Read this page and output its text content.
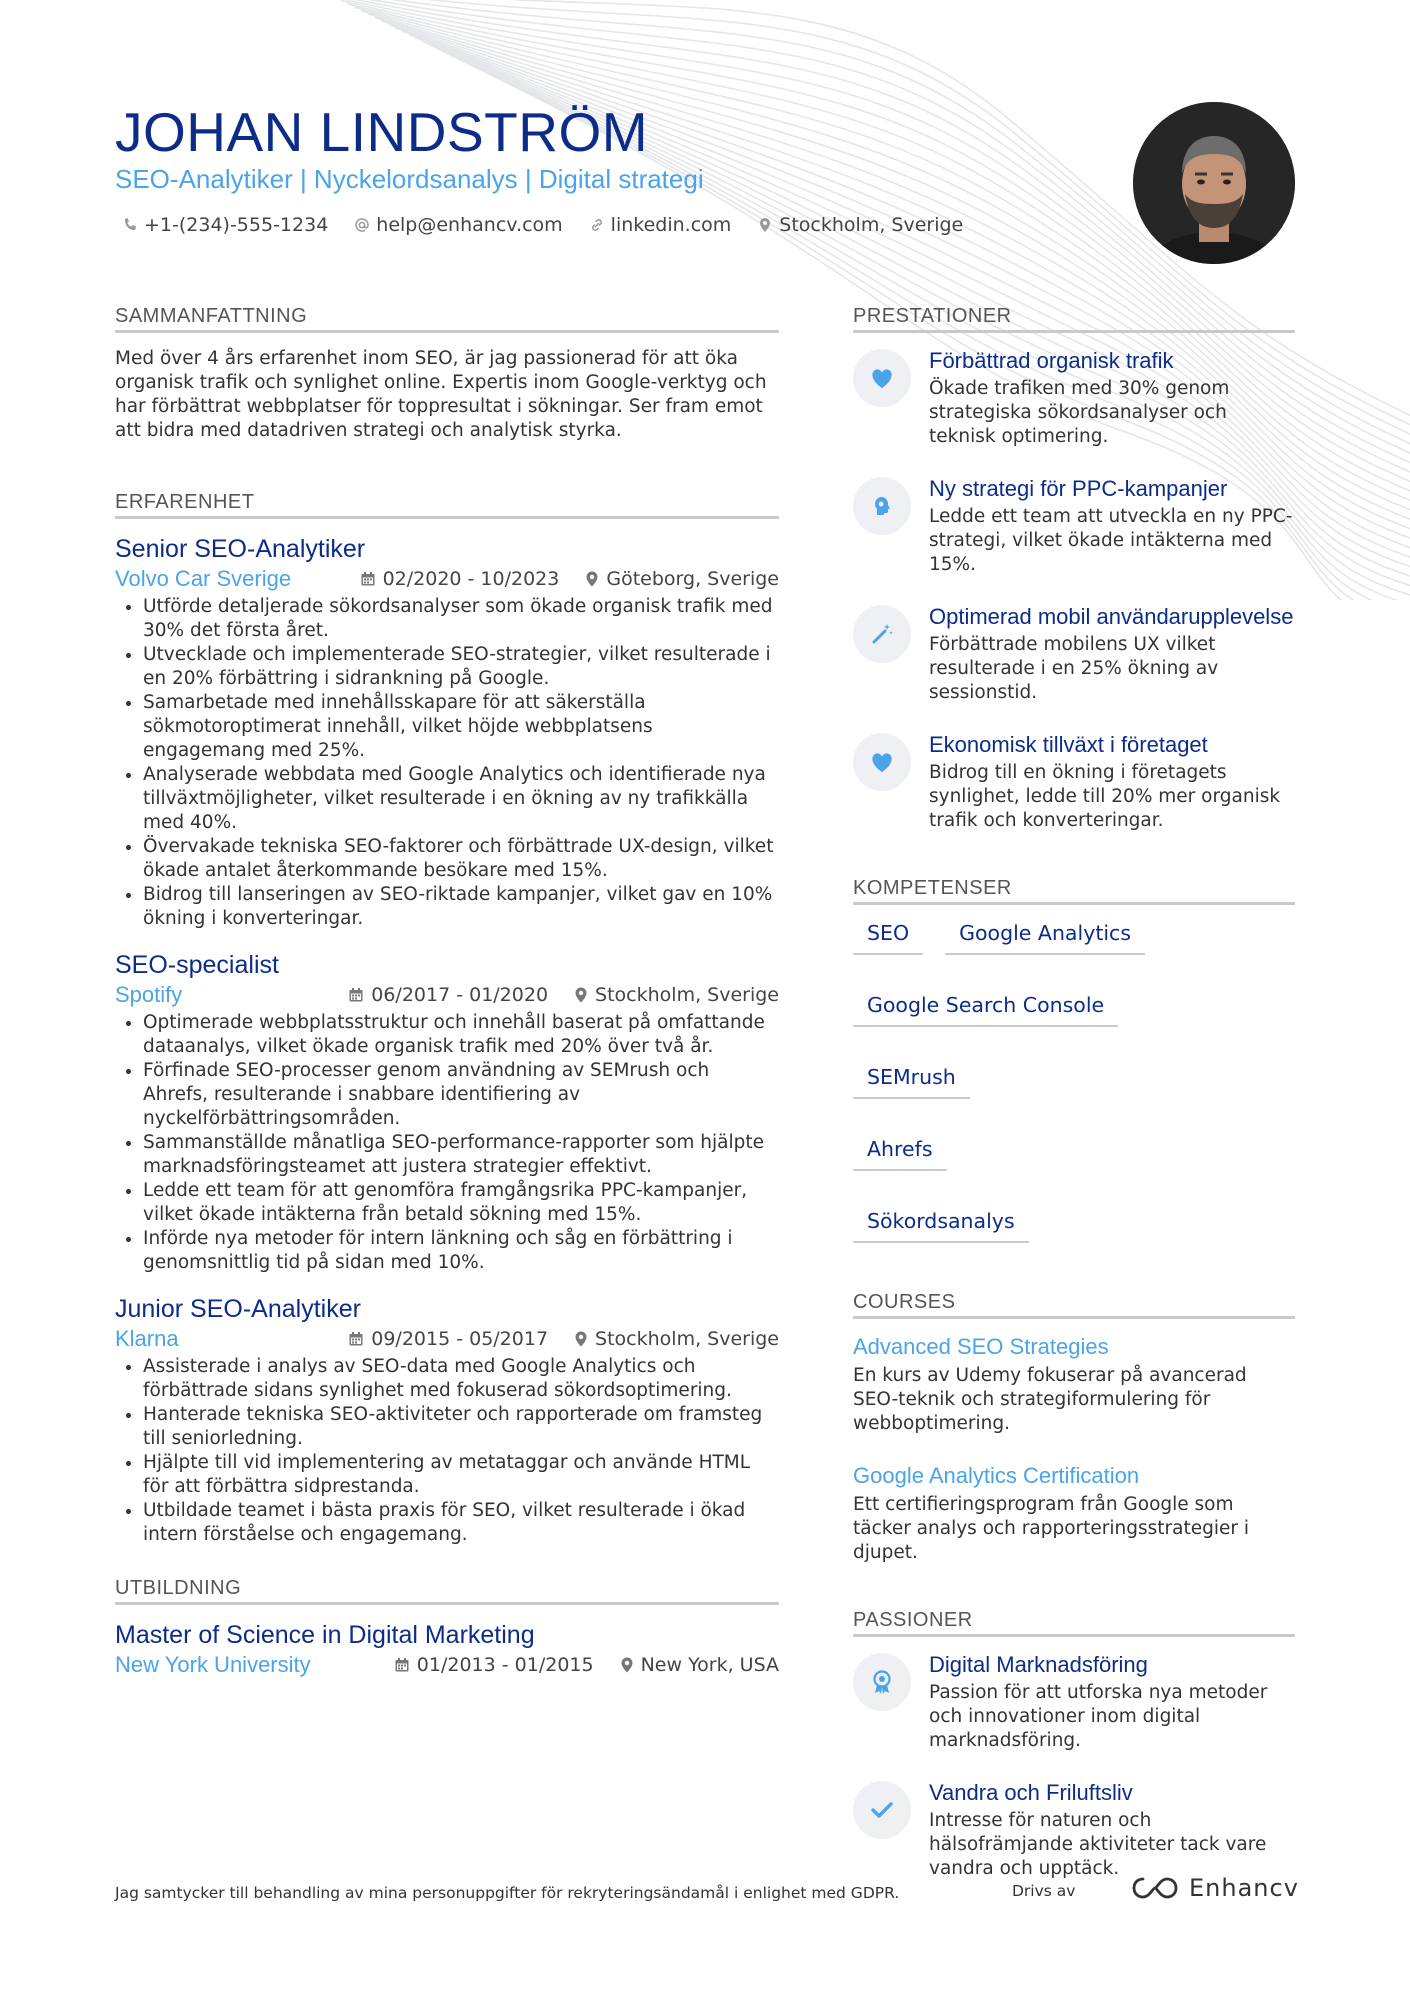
JOHAN LINDSTRÖM
SEO-Analytiker | Nyckelordsanalys | Digital strategi
+1-(234)-555-1234	help@enhancv.com	linkedin.com	Stockholm, Sverige
SAMMANFATTNING

Med över 4 års erfarenhet inom SEO, är jag passionerad för att öka organisk trafik och synlighet online. Expertis inom Google-verktyg och har förbättrat webbplatser för toppresultat i sökningar. Ser fram emot att bidra med datadriven strategi och analytisk styrka.

ERFARENHET
Senior SEO-Analytiker
Volvo Car Sverige	02/2020 - 10/2023 Göteborg, Sverige
• Utförde detaljerade sökordsanalyser som ökade organisk trafik med 30% det första året.
• Utvecklade och implementerade SEO-strategier, vilket resulterade i en 20% förbättring i sidrankning på Google.
• Samarbetade med innehållsskapare för att säkerställa sökmotoroptimerat innehåll, vilket höjde webbplatsens engagemang med 25%.
• Analyserade webbdata med Google Analytics och identifierade nya tillväxtmöjligheter, vilket resulterade i en ökning av ny trafikkälla med 40%.
• Övervakade tekniska SEO-faktorer och förbättrade UX-design, vilket ökade antalet återkommande besökare med 15%.
• Bidrog till lanseringen av SEO-riktade kampanjer, vilket gav en 10% ökning i konverteringar.
SEO-specialist
Spotify	06/2017 - 01/2020 Stockholm, Sverige
• Optimerade webbplatsstruktur och innehåll baserat på omfattande dataanalys, vilket ökade organisk trafik med 20% över två år.
• Förfinade SEO-processer genom användning av SEMrush och Ahrefs, resulterande i snabbare identifiering av nyckelförbättringsområden.
• Sammanställde månatliga SEO-performance-rapporter som hjälpte marknadsföringsteamet att justera strategier effektivt.
• Ledde ett team för att genomföra framgångsrika PPC-kampanjer, vilket ökade intäkterna från betald sökning med 15%.
• Införde nya metoder för intern länkning och såg en förbättring i genomsnittlig tid på sidan med 10%.
Junior SEO-Analytiker
Klarna	09/2015 - 05/2017 Stockholm, Sverige
• Assisterade i analys av SEO-data med Google Analytics och förbättrade sidans synlighet med fokuserad sökordsoptimering.
• Hanterade tekniska SEO-aktiviteter och rapporterade om framsteg till seniorledning.
• Hjälpte till vid implementering av metataggar och använde HTML för att förbättra sidprestanda.
• Utbildade teamet i bästa praxis för SEO, vilket resulterade i ökad intern förståelse och engagemang.
UTBILDNING
Master of Science in Digital Marketing
New York University	01/2013 - 01/2015 New York, USA
PRESTATIONER
Förbättrad organisk trafik
Ökade trafiken med 30% genom strategiska sökordsanalyser och teknisk optimering.
Ny strategi för PPC-kampanjer
Ledde ett team att utveckla en ny PPC-strategi, vilket ökade intäkterna med 15%.
Optimerad mobil användarupplevelse
Förbättrade mobilens UX vilket resulterade i en 25% ökning av sessionstid.
Ekonomisk tillväxt i företaget
Bidrog till en ökning i företagets synlighet, ledde till 20% mer organisk trafik och konverteringar.
KOMPETENSER
SEO	Google Analytics
Google Search Console
SEMrush
Ahrefs
Sökordsanalys
COURSES
Advanced SEO Strategies
En kurs av Udemy fokuserar på avancerad SEO-teknik och strategiformulering för webboptimering.
Google Analytics Certification
Ett certifieringsprogram från Google som täcker analys och rapporteringsstrategier i djupet.
PASSIONER
Digital Marknadsföring
Passion för att utforska nya metoder och innovationer inom digital marknadsföring.
Vandra och Friluftsliv
Intresse för naturen och hälsofrämjande aktiviteter tack vare vandra och upptäck.
Jag samtycker till behandling av mina personuppgifter för rekryteringsändamål i enlighet med GDPR.	Drivs av	Enhancv
